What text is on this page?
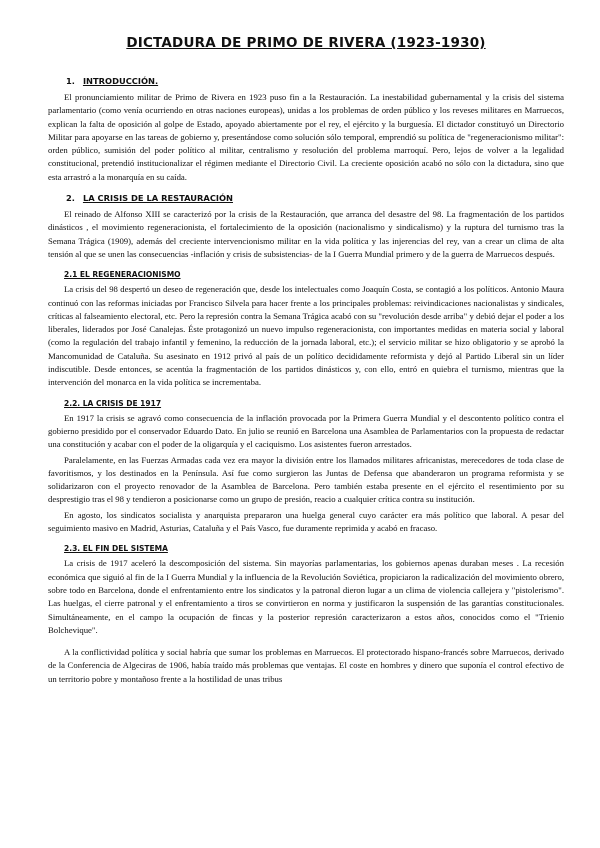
DICTADURA DE PRIMO DE RIVERA (1923-1930)
1. INTRODUCCIÓN.

El pronunciamiento militar de Primo de Rivera en 1923 puso fin a la Restauración. La inestabilidad gubernamental y la crisis del sistema parlamentario (como venía ocurriendo en otras naciones europeas), unidas a los problemas de orden público y los reveses militares en Marruecos, explican la falta de oposición al golpe de Estado, apoyado abiertamente por el rey, el ejército y la burguesía. El dictador constituyó un Directorio Militar para apoyarse en las tareas de gobierno y, presentándose como solución sólo temporal, emprendió su política de "regeneracionismo militar": orden público, sumisión del poder político al militar, centralismo y resolución del problema marroquí. Pero, lejos de volver a la legalidad constitucional, pretendió institucionalizar el régimen mediante el Directorio Civil. La creciente oposición acabó no sólo con la dictadura, sino que esta arrastró a la monarquía en su caída.

2. LA CRISIS DE LA RESTAURACIÓN

El reinado de Alfonso XIII se caracterizó por la crisis de la Restauración, que arranca del desastre del 98. La fragmentación de los partidos dinásticos , el movimiento regeneracionista, el fortalecimiento de la oposición (nacionalismo y sindicalismo) y la ruptura del turnismo tras la Semana Trágica (1909), además del creciente intervencionismo militar en la vida política y las injerencias del rey, van a crear un clima de alta tensión al que se unen las consecuencias -inflación y crisis de subsistencias- de la I Guerra Mundial primero y de la guerra de Marruecos después.

2.1 EL REGENERACIONISMO

La crisis del 98 despertó un deseo de regeneración que, desde los intelectuales como Joaquín Costa, se contagió a los políticos. Antonio Maura continuó con las reformas iniciadas por Francisco Silvela para hacer frente a los principales problemas: reivindicaciones nacionalistas y sindicales, críticas al falseamiento electoral, etc. Pero la represión contra la Semana Trágica acabó con su "revolución desde arriba" y debió dejar el poder a los liberales, liderados por José Canalejas. Éste protagonizó un nuevo impulso regeneracionista, con importantes medidas en materia social y laboral (como la regulación del trabajo infantil y femenino, la reducción de la jornada laboral, etc.); el servicio militar se hizo obligatorio y se aprobó la Mancomunidad de Cataluña. Su asesinato en 1912 privó al país de un político decididamente reformista y dejó al Partido Liberal sin un líder indiscutible. Desde entonces, se acentúa la fragmentación de los partidos dinásticos y, con ello, entró en quiebra el turnismo, mientras que la intervención del monarca en la vida política se incrementaba.

2.2. LA CRISIS DE 1917

En 1917 la crisis se agravó como consecuencia de la inflación provocada por la Primera Guerra Mundial y el descontento político contra el gobierno presidido por el conservador Eduardo Dato. En julio se reunió en Barcelona una Asamblea de Parlamentarios con la propuesta de redactar una constitución y acabar con el poder de la oligarquía y el caciquismo. Los asistentes fueron arrestados.

Paralelamente, en las Fuerzas Armadas cada vez era mayor la división entre los llamados militares africanistas, merecedores de toda clase de favoritismos, y los destinados en la Península. Así fue como surgieron las Juntas de Defensa que abanderaron un programa reformista y se solidarizaron con el proyecto renovador de la Asamblea de Barcelona. Pero también estaba presente en el ejército el resentimiento por su desprestigio tras el 98 y tendieron a posicionarse como un grupo de presión, reacio a cualquier crítica contra su institución.

En agosto, los sindicatos socialista y anarquista prepararon una huelga general cuyo carácter era más político que laboral. A pesar del seguimiento masivo en Madrid, Asturias, Cataluña y el País Vasco, fue duramente reprimida y acabó en fracaso.

2.3. EL FIN DEL SISTEMA

La crisis de 1917 aceleró la descomposición del sistema. Sin mayorías parlamentarias, los gobiernos apenas duraban meses . La recesión económica que siguió al fin de la I Guerra Mundial y la influencia de la Revolución Soviética, propiciaron la radicalización del movimiento obrero, sobre todo en Barcelona, donde el enfrentamiento entre los sindicatos y la patronal dieron lugar a un clima de violencia callejera y "pistolerismo". Las huelgas, el cierre patronal y el enfrentamiento a tiros se convirtieron en norma y justificaron la suspensión de las garantías constitucionales. Simultáneamente, en el campo la ocupación de fincas y la posterior represión caracterizaron a estos años, conocidos como el "Trienio Bolchevique".

A la conflictividad política y social habría que sumar los problemas en Marruecos. El protectorado hispano-francés sobre Marruecos, derivado de la Conferencia de Algeciras de 1906, había traído más problemas que ventajas. El coste en hombres y dinero que suponía el control efectivo de un territorio pobre y montañoso frente a la hostilidad de unas tribus
